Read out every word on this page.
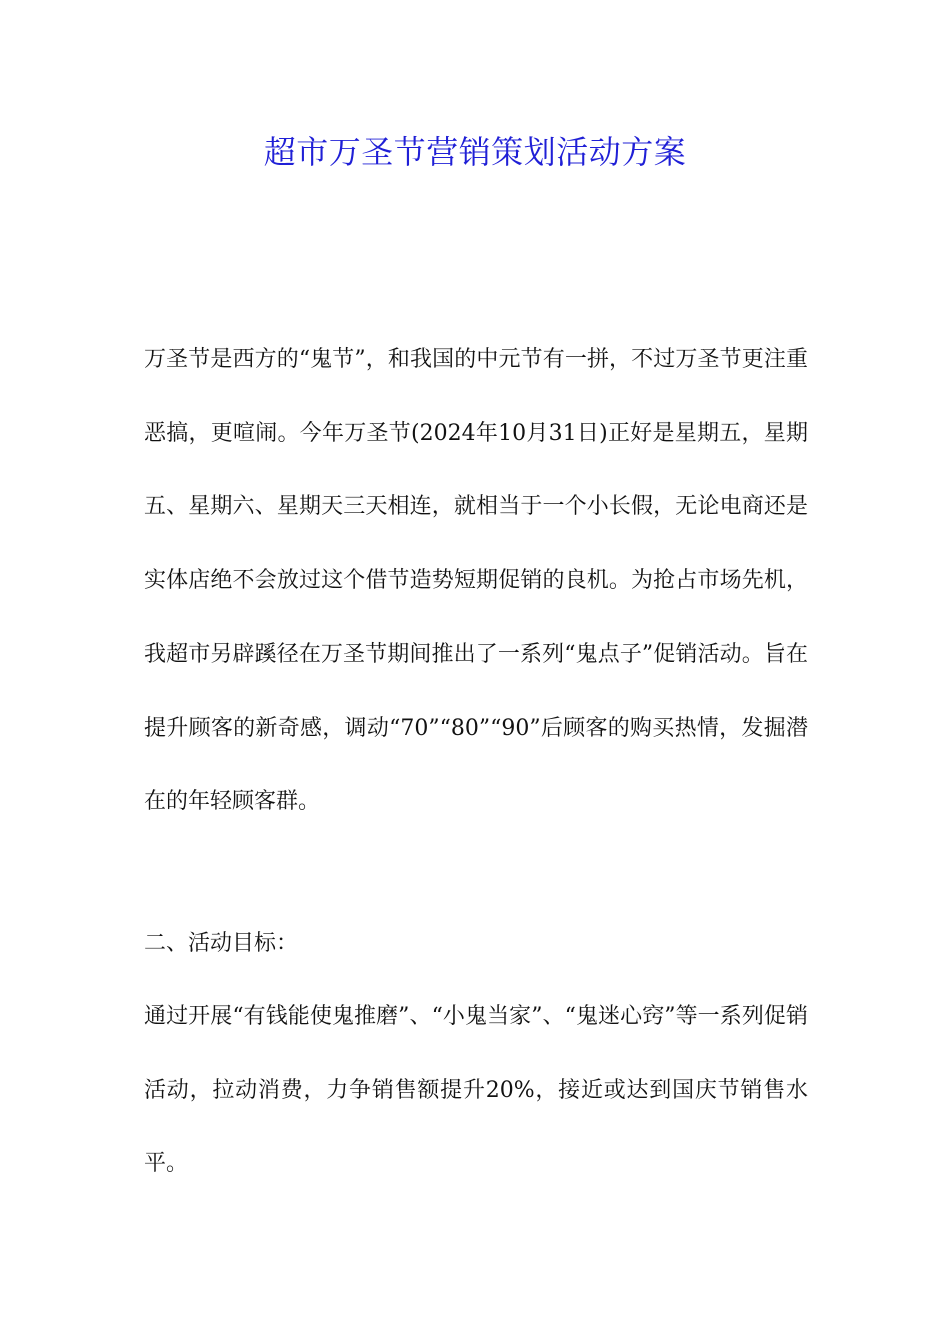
超市万圣节营销策划活动方案

万圣节是西方的“鬼节”，和我国的中元节有一拼，不过万圣节更注重恶搞，更喧闹。今年万圣节(2024年10月31日)正好是星期五，星期五、星期六、星期天三天相连，就相当于一个小长假，无论电商还是实体店绝不会放过这个借节造势短期促销的良机。为抢占市场先机，我超市另辟蹊径在万圣节期间推出了一系列“鬼点子”促销活动。旨在提升顾客的新奇感，调动“70”“80”“90”后顾客的购买热情，发掘潜在的年轻顾客群。

二、活动目标：

通过开展“有钱能使鬼推磨”、“小鬼当家”、“鬼迷心窍”等一系列促销活动，拉动消费，力争销售额提升20%，接近或达到国庆节销售水平。
